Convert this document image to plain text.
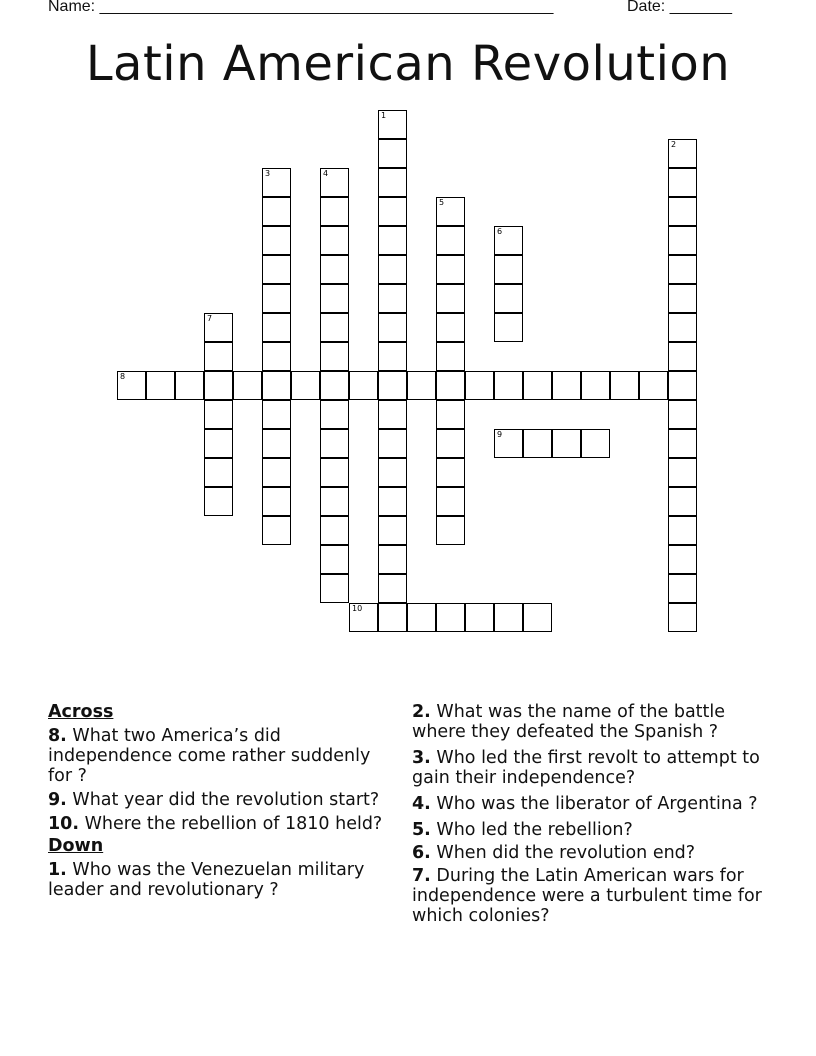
Name: ___________________________________________________	Date: _______
Latin American Revolution
1
2
3	4
5
6
7
8
9
10
Across
8. What two America’s did independence come rather suddenly for ?
9. What year did the revolution start?
10. Where the rebellion of 1810 held?
Down
1. Who was the Venezuelan military leader and revolutionary ?
2. What was the name of the battle where they defeated the Spanish ?
3. Who led the first revolt to attempt to gain their independence?
4. Who was the liberator of Argentina ?
5. Who led the rebellion?
6. When did the revolution end?
7. During the Latin American wars for independence were a turbulent time for which colonies?
